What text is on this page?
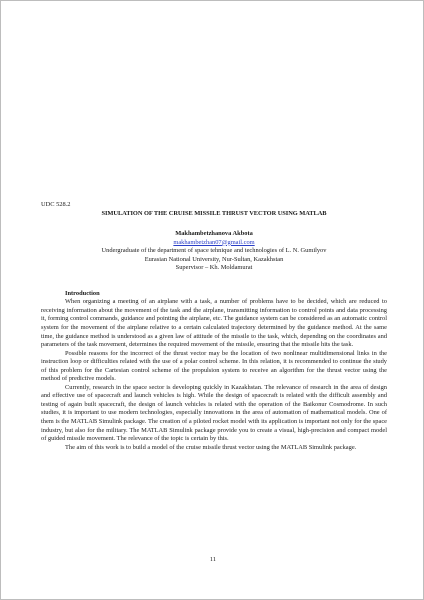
UDC 528.2

SIMULATION OF THE CRUISE MISSILE THRUST VECTOR USING MATLAB

Makhambetzhanova Akbota

makhambetzhan07@gmail.com

Undergraduate of the department of space tehnique and technologies of L. N. Gumilyov

Eurasian National University, Nur-Sultan, Kazakhstan

Supervisor – Kh. Moldamurat

Introduction

When organizing a meeting of an airplane with a task, a number of problems have to be decided, which are reduced to receiving information about the movement of the task and the airplane, transmitting information to control points and data processing it, forming control commands, guidance and pointing the airplane, etc. The guidance system can be considered as an automatic control system for the movement of the airplane relative to a certain calculated trajectory determined by the guidance method. At the same time, the guidance method is understood as a given law of attitude of the missile to the task, which, depending on the coordinates and parameters of the task movement, determines the required movement of the missile, ensuring that the missile hits the task.

Possible reasons for the incorrect of the thrust vector may be the location of two nonlinear multidimensional links in the instruction loop or difficulties related with the use of a polar control scheme. In this relation, it is recommended to continue the study of this problem for the Cartesian control scheme of the propulsion system to receive an algorithm for the thrust vector using the method of predictive models.

Currently, research in the space sector is developing quickly in Kazakhstan. The relevance of research in the area of design and effective use of spacecraft and launch vehicles is high. While the design of spacecraft is related with the difficult assembly and testing of again built spacecraft, the design of launch vehicles is related with the operation of the Baikonur Cosmodrome. In such studies, it is important to use modern technologies, especially innovations in the area of automation of mathematical models. One of them is the MATLAB Simulink package. The creation of a piloted rocket model with its application is important not only for the space industry, but also for the military. The MATLAB Simulink package provide you to create a visual, high-precision and compact model of guided missile movement. The relevance of the topic is certain by this.

The aim of this work is to build a model of the cruise missile thrust vector using the MATLAB Simulink package.

11
